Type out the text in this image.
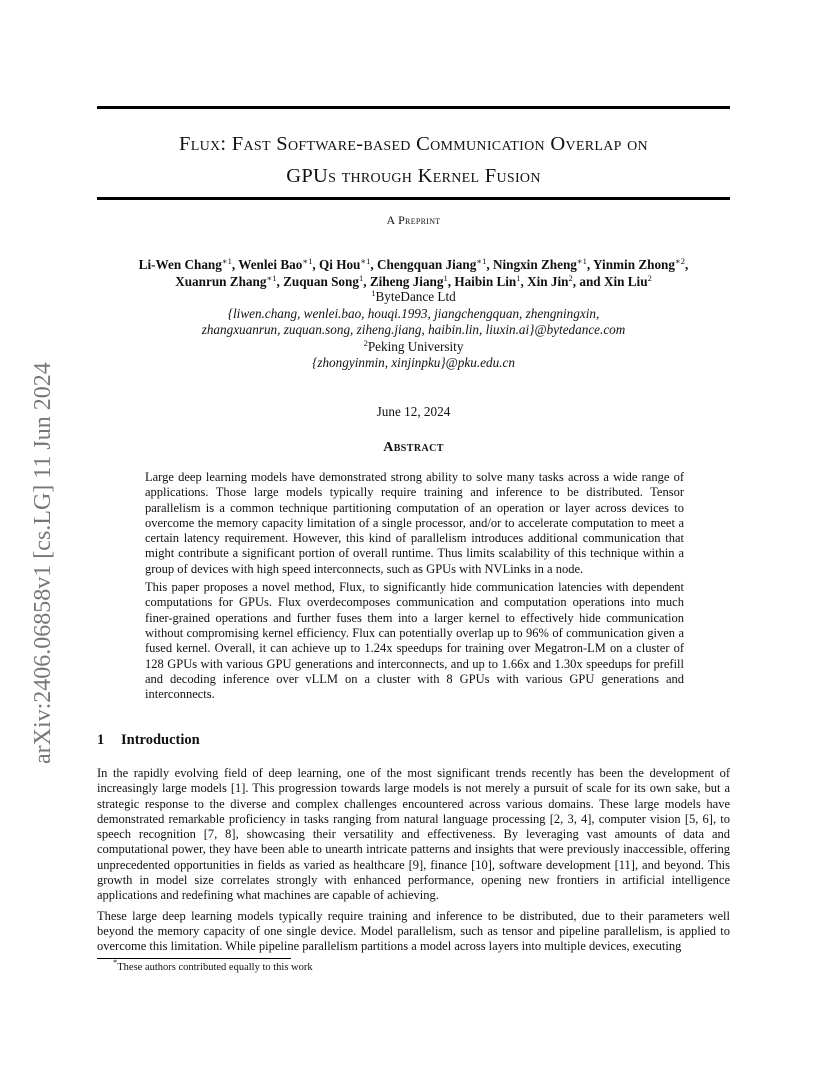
arXiv:2406.06858v1 [cs.LG] 11 Jun 2024
Flux: Fast Software-based Communication Overlap on
GPUs through Kernel Fusion
A Preprint
Li-Wen Chang$^{∗1}$, Wenlei Bao$^{∗1}$, Qi Hou$^{∗1}$, Chengquan Jiang$^{∗1}$, Ningxin Zheng$^{∗1}$, Yinmin Zhong$^{∗2}$,
Xuanrun Zhang$^{∗1}$, Zuquan Song$^1$, Ziheng Jiang$^1$, Haibin Lin$^1$, Xin Jin$^2$, and Xin Liu$^2$
$^1$ByteDance Ltd
{liwen.chang, wenlei.bao, houqi.1993, jiangchengquan, zhengningxin,
zhangxuanrun, zuquan.song, ziheng.jiang, haibin.lin, liuxin.ai}@bytedance.com
$^2$Peking University
{zhongyinmin, xinjinpku}@pku.edu.cn
June 12, 2024
Abstract

Large deep learning models have demonstrated strong ability to solve many tasks across a wide range of applications. Those large models typically require training and inference to be distributed. Tensor parallelism is a common technique partitioning computation of an operation or layer across devices to overcome the memory capacity limitation of a single processor, and/or to accelerate computation to meet a certain latency requirement. However, this kind of parallelism introduces additional communication that might contribute a significant portion of overall runtime. Thus limits scalability of this technique within a group of devices with high speed interconnects, such as GPUs with NVLinks in a node.

This paper proposes a novel method, Flux, to significantly hide communication latencies with dependent computations for GPUs. Flux overdecomposes communication and computation operations into much finer-grained operations and further fuses them into a larger kernel to effectively hide communication without compromising kernel efficiency. Flux can potentially overlap up to 96% of communication given a fused kernel. Overall, it can achieve up to 1.24x speedups for training over Megatron-LM on a cluster of 128 GPUs with various GPU generations and interconnects, and up to 1.66x and 1.30x speedups for prefill and decoding inference over vLLM on a cluster with 8 GPUs with various GPU generations and interconnects.

1 Introduction

In the rapidly evolving field of deep learning, one of the most significant trends recently has been the development of increasingly large models [1]. This progression towards large models is not merely a pursuit of scale for its own sake, but a strategic response to the diverse and complex challenges encountered across various domains. These large models have demonstrated remarkable proficiency in tasks ranging from natural language processing [2, 3, 4], computer vision [5, 6], to speech recognition [7, 8], showcasing their versatility and effectiveness. By leveraging vast amounts of data and computational power, they have been able to unearth intricate patterns and insights that were previously inaccessible, offering unprecedented opportunities in fields as varied as healthcare [9], finance [10], software development [11], and beyond. This growth in model size correlates strongly with enhanced performance, opening new frontiers in artificial intelligence applications and redefining what machines are capable of achieving.

These large deep learning models typically require training and inference to be distributed, due to their parameters well beyond the memory capacity of one single device. Model parallelism, such as tensor and pipeline parallelism, is applied to overcome this limitation. While pipeline parallelism partitions a model across layers into multiple devices, executing

*These authors contributed equally to this work
